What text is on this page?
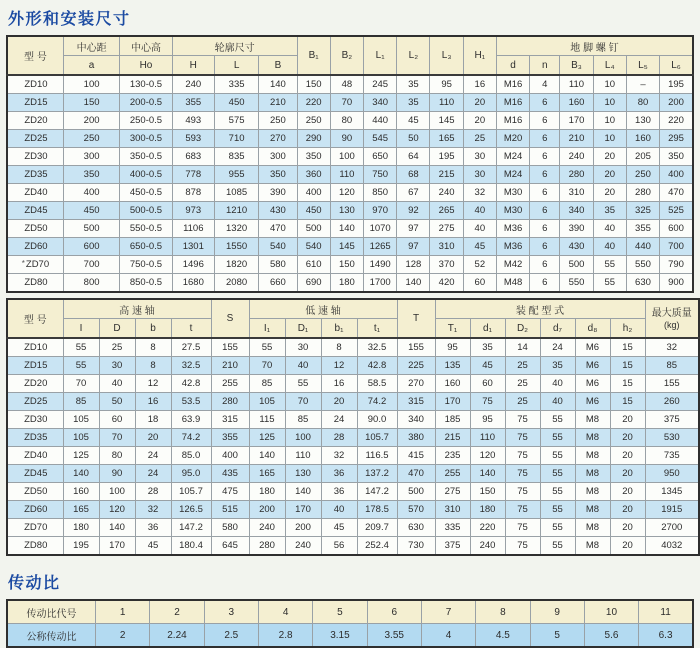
外形和安装尺寸
型 号	中心距	中心高	轮廓尺寸			B₁	B₂	L₁	L₂	L₃	H₁	地 脚 螺 钉					
	a	Ho	H	L	B							d	n	B₃	L₄	L₅	L₆
ZD10	100	130-0.5	240	335	140	150	48	245	35	95	16	M16	4	110	10	–	195
ZD15	150	200-0.5	355	450	210	220	70	340	35	110	20	M16	6	160	10	80	200
ZD20	200	250-0.5	493	575	250	250	80	440	45	145	20	M16	6	170	10	130	220
ZD25	250	300-0.5	593	710	270	290	90	545	50	165	25	M20	6	210	10	160	295
ZD30	300	350-0.5	683	835	300	350	100	650	64	195	30	M24	6	240	20	205	350
ZD35	350	400-0.5	778	955	350	360	110	750	68	215	30	M24	6	280	20	250	400
ZD40	400	450-0.5	878	1085	390	400	120	850	67	240	32	M30	6	310	20	280	470
ZD45	450	500-0.5	973	1210	430	450	130	970	92	265	40	M30	6	340	35	325	525
ZD50	500	550-0.5	1106	1320	470	500	140	1070	97	275	40	M36	6	390	40	355	600
ZD60	600	650-0.5	1301	1550	540	540	145	1265	97	310	45	M36	6	430	40	440	700
*ZD70	700	750-0.5	1496	1820	580	610	150	1490	128	370	52	M42	6	500	55	550	790
ZD80	800	850-0.5	1680	2080	660	690	180	1700	140	420	60	M48	6	550	55	630	900
型 号	高 速 轴				S	低 速 轴				T	装 配 型 式						最大质量
(kg)

	I	D	b	t		I₁	D₁	b₁	t₁		T₁	d₁	D₂	d₇	d₈	h₂	
ZD10	55	25	8	27.5	155	55	30	8	32.5	155	95	35	14	24	M6	15	32
ZD15	55	30	8	32.5	210	70	40	12	42.8	225	135	45	25	35	M6	15	85
ZD20	70	40	12	42.8	255	85	55	16	58.5	270	160	60	25	40	M6	15	155
ZD25	85	50	16	53.5	280	105	70	20	74.2	315	170	75	25	40	M6	15	260
ZD30	105	60	18	63.9	315	115	85	24	90.0	340	185	95	75	55	M8	20	375
ZD35	105	70	20	74.2	355	125	100	28	105.7	380	215	110	75	55	M8	20	530
ZD40	125	80	24	85.0	400	140	110	32	116.5	415	235	120	75	55	M8	20	735
ZD45	140	90	24	95.0	435	165	130	36	137.2	470	255	140	75	55	M8	20	950
ZD50	160	100	28	105.7	475	180	140	36	147.2	500	275	150	75	55	M8	20	1345
ZD60	165	120	32	126.5	515	200	170	40	178.5	570	310	180	75	55	M8	20	1915
ZD70	180	140	36	147.2	580	240	200	45	209.7	630	335	220	75	55	M8	20	2700
ZD80	195	170	45	180.4	645	280	240	56	252.4	730	375	240	75	55	M8	20	4032
传动比
传动比代号	1	2	3	4	5	6	7	8	9	10	11
公称传动比	2	2.24	2.5	2.8	3.15	3.55	4	4.5	5	5.6	6.3
